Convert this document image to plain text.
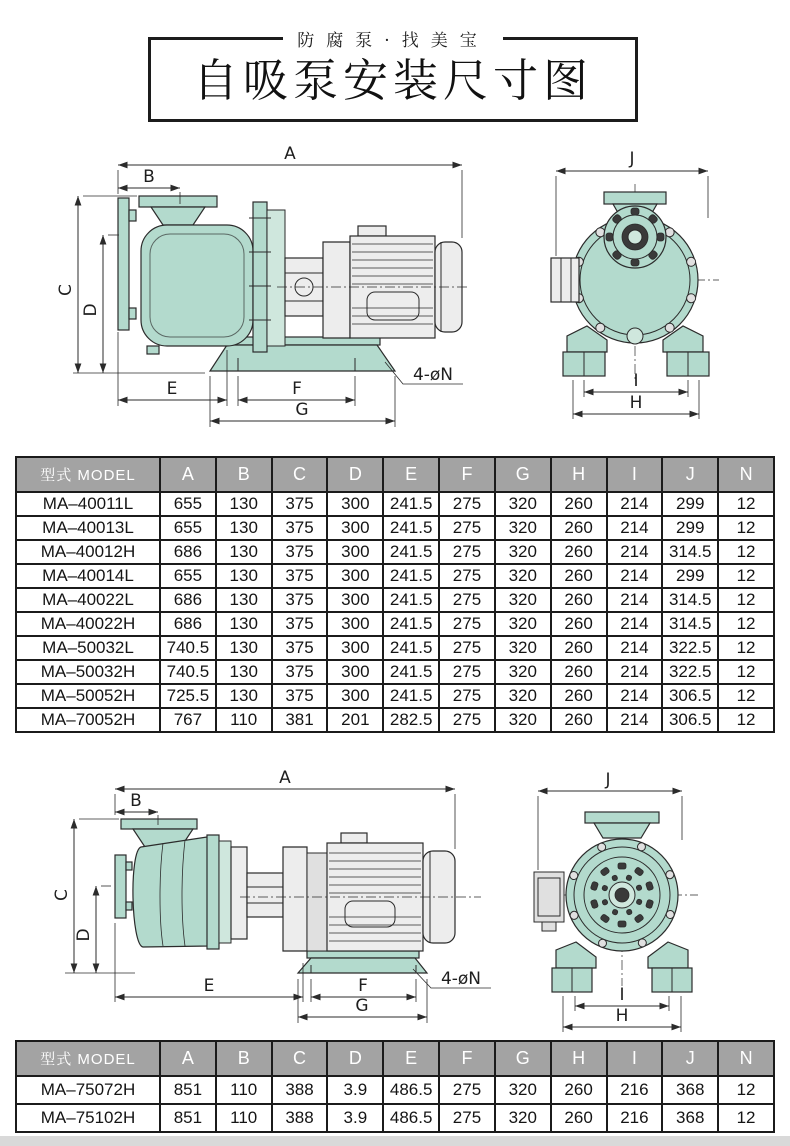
防腐泵·找美宝
自吸泵安装尺寸图
A
B
C
D
E	F
G
4-øN
J
I
H
型式 MODEL	A	B	C	D	E	F	G	H	I	J	N
MA–40011L	655	130	375	300	241.5	275	320	260	214	299	12
MA–40013L	655	130	375	300	241.5	275	320	260	214	299	12
MA–40012H	686	130	375	300	241.5	275	320	260	214	314.5	12
MA–40014L	655	130	375	300	241.5	275	320	260	214	299	12
MA–40022L	686	130	375	300	241.5	275	320	260	214	314.5	12
MA–40022H	686	130	375	300	241.5	275	320	260	214	314.5	12
MA–50032L	740.5	130	375	300	241.5	275	320	260	214	322.5	12
MA–50032H	740.5	130	375	300	241.5	275	320	260	214	322.5	12
MA–50052H	725.5	130	375	300	241.5	275	320	260	214	306.5	12
MA–70052H	767	110	381	201	282.5	275	320	260	214	306.5	12
A
B
C
D
E	F
G
4-øN
J
I
H
型式 MODEL	A	B	C	D	E	F	G	H	I	J	N
MA–75072H	851	110	388	3.9	486.5	275	320	260	216	368	12
MA–75102H	851	110	388	3.9	486.5	275	320	260	216	368	12
